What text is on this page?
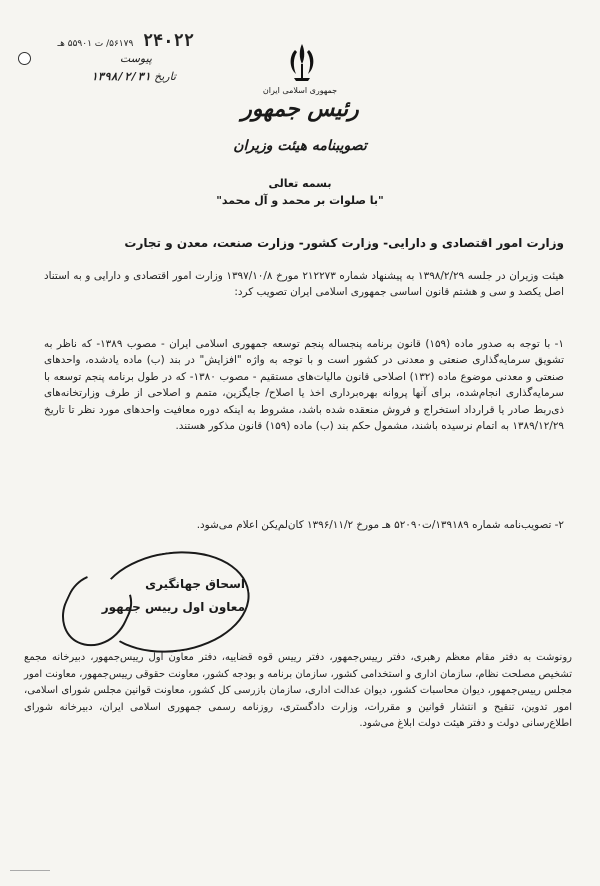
۲۴۰۲۲ ۵۶۱۷۹/ ت ۵۵۹۰۱ هـ
پیوست
تاریخ ۱۳۹۸/۲/۳۱
جمهوری اسلامی ایران
رئیس جمهور
تصویبنامه هیئت وزیران
بسمه تعالی
"با صلوات بر محمد و آل محمد"
وزارت امور اقتصادی و دارایی- وزارت کشور- وزارت صنعت، معدن و تجارت
هیئت وزیران در جلسه ۱۳۹۸/۲/۲۹ به پیشنهاد شماره ۲۱۲۲۷۳ مورخ ۱۳۹۷/۱۰/۸ وزارت امور اقتصادی و دارایی و به استناد اصل یکصد و سی و هشتم قانون اساسی جمهوری اسلامی ایران تصویب کرد:
۱- با توجه به صدور ماده (۱۵۹) قانون برنامه پنجساله پنجم توسعه جمهوری اسلامی ایران - مصوب ۱۳۸۹- که ناظر به تشویق سرمایه‌گذاری صنعتی و معدنی در کشور است و با توجه به واژه "افزایش" در بند (ب) ماده یادشده، واحدهای صنعتی و معدنی موضوع ماده (۱۳۲) اصلاحی قانون مالیات‌های مستقیم - مصوب ۱۳۸۰- که در طول برنامه پنجم توسعه با سرمایه‌گذاری انجام‌شده، برای آنها پروانه بهره‌برداری اخذ یا اصلاح/ جایگزین، متمم و اصلاحی از طرف وزارتخانه‌های ذی‌ربط صادر یا قرارداد استخراج و فروش منعقده شده باشد، مشروط به اینکه دوره معافیت واحدهای مورد نظر تا تاریخ ۱۳۸۹/۱۲/۲۹ به اتمام نرسیده باشند، مشمول حکم بند (ب) ماده (۱۵۹) قانون مذکور هستند.
۲- تصویب‌نامه شماره ۱۳۹۱۸۹/ت۵۲۰۹۰ هـ مورخ ۱۳۹۶/۱۱/۲ کان‌لم‌یکن اعلام می‌شود.
اسحاق جهانگیری
معاون اول رییس جمهور
رونوشت به دفتر مقام معظم رهبری، دفتر رییس‌جمهور، دفتر رییس قوه قضاییه، دفتر معاون اول رییس‌جمهور، دبیرخانه مجمع تشخیص مصلحت نظام، سازمان اداری و استخدامی کشور، سازمان برنامه و بودجه کشور، معاونت حقوقی رییس‌جمهور، معاونت امور مجلس رییس‌جمهور، دیوان محاسبات کشور، دیوان عدالت اداری، سازمان بازرسی کل کشور، معاونت قوانین مجلس شورای اسلامی، امور تدوین، تنقیح و انتشار قوانین و مقررات، وزارت دادگستری، روزنامه رسمی جمهوری اسلامی ایران، دبیرخانه شورای اطلاع‌رسانی دولت و دفتر هیئت دولت ابلاغ می‌شود.
